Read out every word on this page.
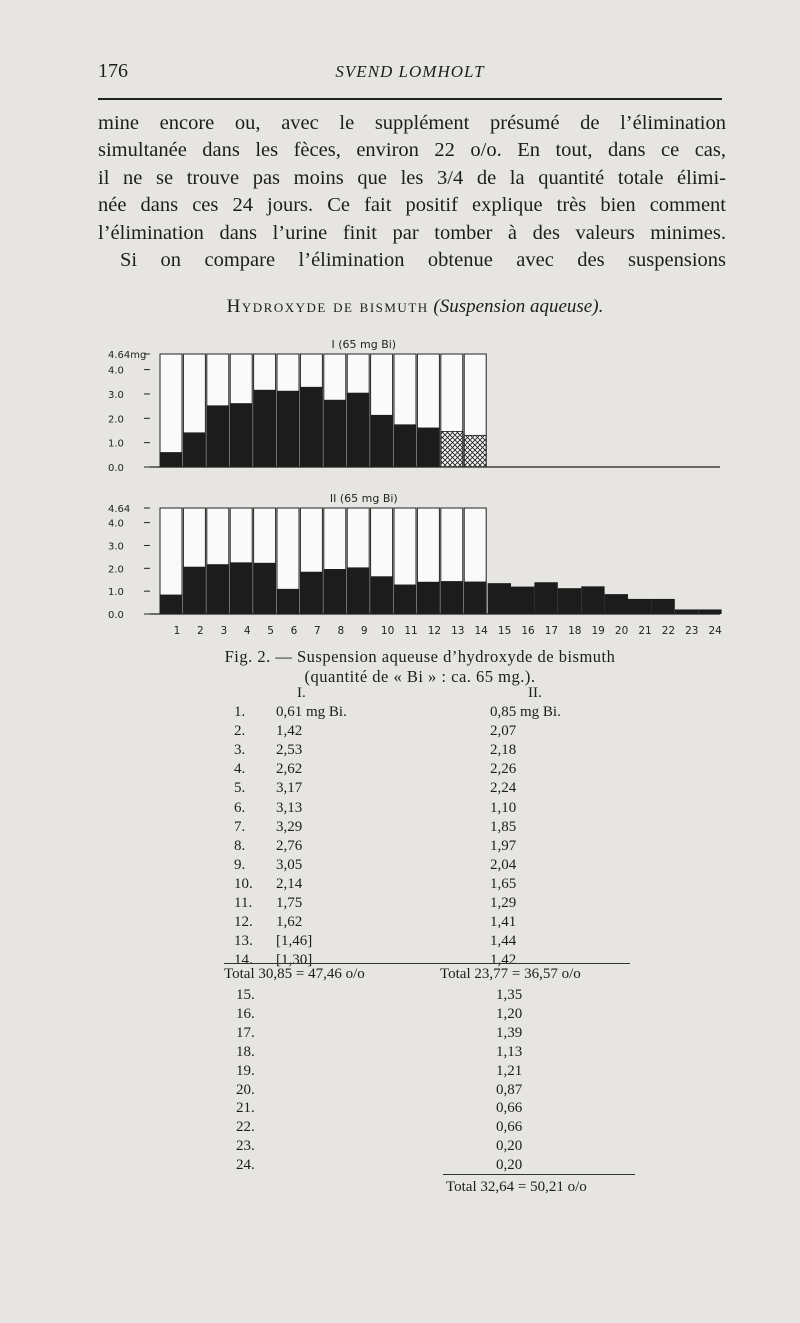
176	SVEND LOMHOLT
mine encore ou, avec le supplément présumé de l’élimination
simultanée dans les fèces, environ 22 o/o. En tout, dans ce cas,
il ne se trouve pas moins que les 3/4 de la quantité totale élimi-
née dans ces 24 jours. Ce fait positif explique très bien comment
l’élimination dans l’urine finit par tomber à des valeurs minimes.
Si on compare l’élimination obtenue avec des suspensions
Hydroxyde de bismuth (Suspension aqueuse).
4.64mg
4.0
3.0
2.0
1.0
0.0
I (65 mg Bi)
4.64
4.0
3.0
2.0
1.0
0.0
II (65 mg Bi)
1 2 3 4 5 6 7 8 9 10 11 12 13 14 15 16 17 18 19 20 21 22 23 24
Fig. 2. — Suspension aqueuse d’hydroxyde de bismuth
(quantité de « Bi » : ca. 65 mg.).
I.	II.
1. 0,61 mg Bi.	0,85 mg Bi.
2. 1,42	2,07
3. 2,53	2,18
4. 2,62	2,26
5. 3,17	2,24
6. 3,13	1,10
7. 3,29	1,85
8. 2,76	1,97
9. 3,05	2,04
10. 2,14	1,65
11. 1,75	1,29
12. 1,62	1,41
13. [1,46]	1,44
14. [1,30]	1,42
Total 30,85 = 47,46 o/o	Total 23,77 = 36,57 o/o
15.	1,35
16.	1,20
17.	1,39
18.	1,13
19.	1,21
20.	0,87
21.	0,66
22.	0,66
23.	0,20
24.	0,20
Total 32,64 = 50,21 o/o
